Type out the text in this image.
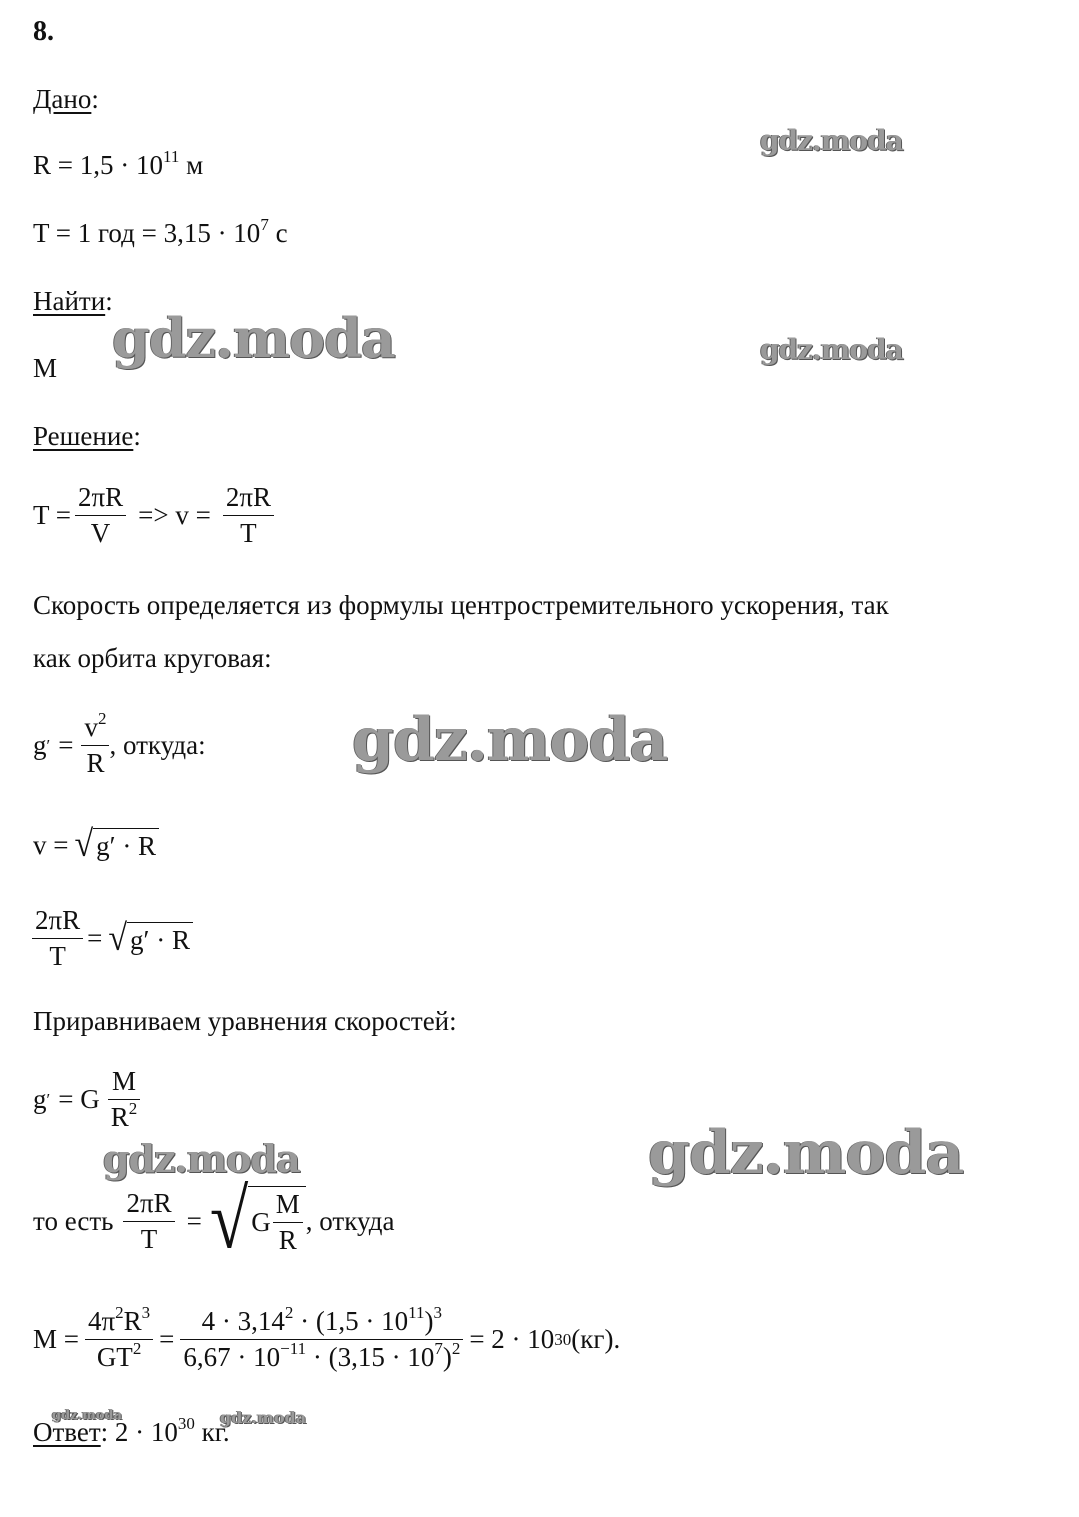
8.
Дано:
$R = 1,5 \cdot 10^{11}$ м
T = 1 год = $3,15 \cdot 10^7$ с
Найти:
M
Решение:
$T = \frac{2\pi R}{V} => v = \frac{2\pi R}{T}$
Скорость определяется из формулы центростремительного ускорения, так
как орбита круговая:
g ′ = $\frac{v^2}{R}$ , откуда:
v = √ g′ · R
$\frac{2\pi R}{T}$ = √ g′ · R
Приравниваем уравнения скоростей:
g ′ = G $\frac{M}{R^2}$
то есть $\frac{2\pi R}{T}$ = √ G $\frac{M}{R}$ , откуда
$M = \frac{4\pi^2R^3}{GT^2} = \frac{4 \cdot 3,14^2 \cdot (1,5 \cdot 10^{11})^3}{6,67 \cdot 10^{-11} \cdot (3,15 \cdot 10^7)^2} = 2 \cdot 10$ 30 (кг).
Ответ: $2 \cdot 10^{30}$ кг.
gdz.moda
gdz.moda	gdz.moda
gdz.moda
gdz.moda	gdz.moda
gdz.moda	gdz.moda
